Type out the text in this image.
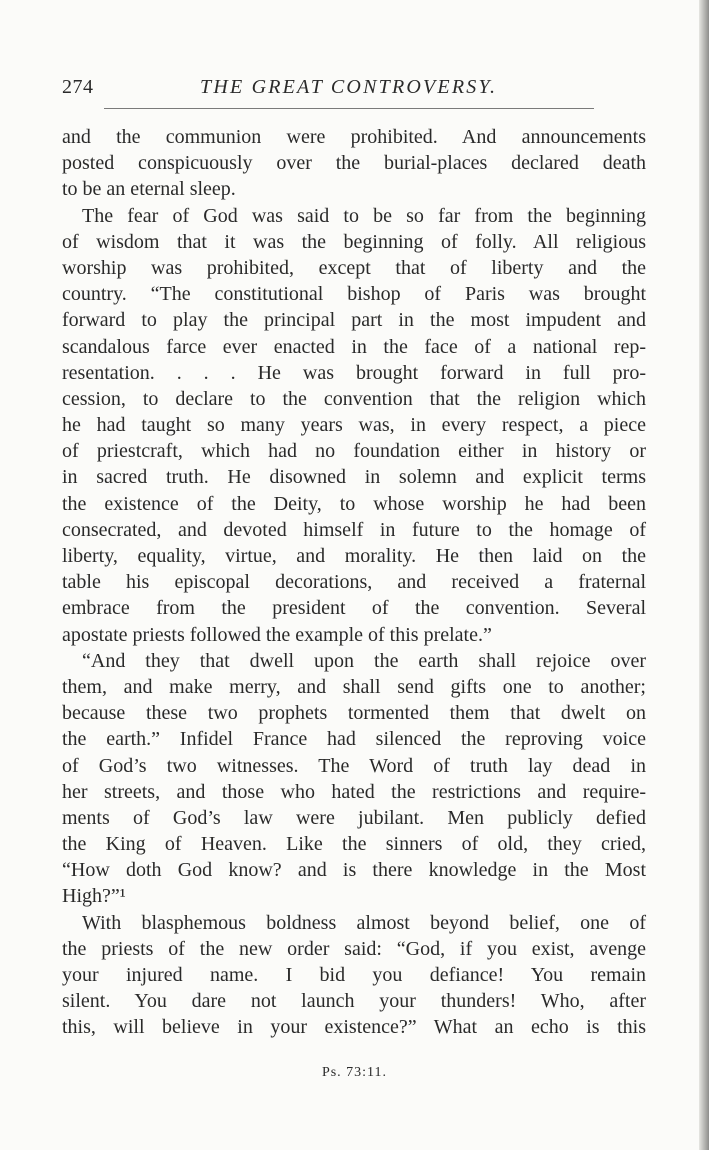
274	THE GREAT CONTROVERSY.
and the communion were prohibited. And announcements
posted conspicuously over the burial-places declared death
to be an eternal sleep.
The fear of God was said to be so far from the beginning
of wisdom that it was the beginning of folly. All religious
worship was prohibited, except that of liberty and the
country. “The constitutional bishop of Paris was brought
forward to play the principal part in the most impudent and
scandalous farce ever enacted in the face of a national rep-
resentation. . . . He was brought forward in full pro-
cession, to declare to the convention that the religion which
he had taught so many years was, in every respect, a piece
of priestcraft, which had no foundation either in history or
in sacred truth. He disowned in solemn and explicit terms
the existence of the Deity, to whose worship he had been
consecrated, and devoted himself in future to the homage of
liberty, equality, virtue, and morality. He then laid on the
table his episcopal decorations, and received a fraternal
embrace from the president of the convention. Several
apostate priests followed the example of this prelate.”
“And they that dwell upon the earth shall rejoice over
them, and make merry, and shall send gifts one to another;
because these two prophets tormented them that dwelt on
the earth.” Infidel France had silenced the reproving voice
of God’s two witnesses. The Word of truth lay dead in
her streets, and those who hated the restrictions and require-
ments of God’s law were jubilant. Men publicly defied
the King of Heaven. Like the sinners of old, they cried,
“How doth God know? and is there knowledge in the Most
High?”¹
With blasphemous boldness almost beyond belief, one of
the priests of the new order said: “God, if you exist, avenge
your injured name. I bid you defiance! You remain
silent. You dare not launch your thunders! Who, after
this, will believe in your existence?” What an echo is this
Ps. 73:11.
